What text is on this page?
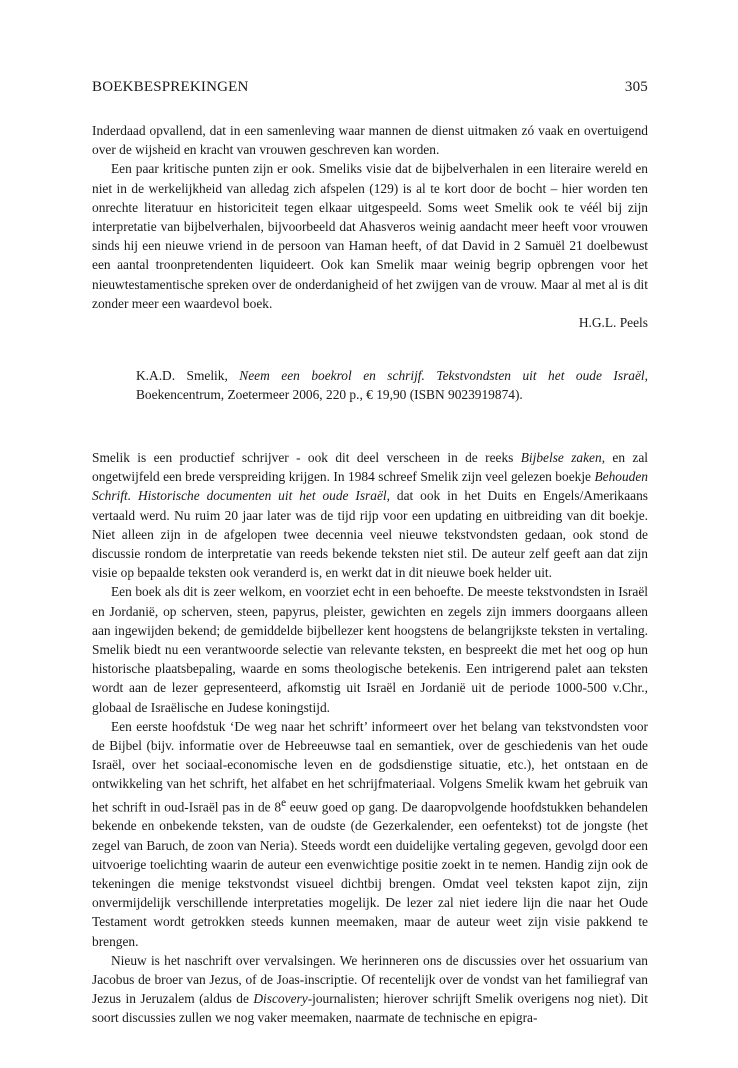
BOEKBESPREKINGEN	305

Inderdaad opvallend, dat in een samenleving waar mannen de dienst uitmaken zó vaak en overtuigend over de wijsheid en kracht van vrouwen geschreven kan worden.

Een paar kritische punten zijn er ook. Smeliks visie dat de bijbelverhalen in een literaire wereld en niet in de werkelijkheid van alledag zich afspelen (129) is al te kort door de bocht – hier worden ten onrechte literatuur en historiciteit tegen elkaar uitgespeeld. Soms weet Smelik ook te véél bij zijn interpretatie van bijbelverhalen, bijvoorbeeld dat Ahasveros weinig aandacht meer heeft voor vrouwen sinds hij een nieuwe vriend in de persoon van Haman heeft, of dat David in 2 Samuël 21 doelbewust een aantal troonpretendenten liquideert. Ook kan Smelik maar weinig begrip opbrengen voor het nieuwtestamentische spreken over de onderdanigheid of het zwijgen van de vrouw. Maar al met al is dit zonder meer een waardevol boek.

H.G.L. Peels

K.A.D. Smelik, Neem een boekrol en schrijf. Tekstvondsten uit het oude Israël, Boekencentrum, Zoetermeer 2006, 220 p., € 19,90 (ISBN 9023919874).

Smelik is een productief schrijver - ook dit deel verscheen in de reeks Bijbelse zaken, en zal ongetwijfeld een brede verspreiding krijgen. In 1984 schreef Smelik zijn veel gelezen boekje Behouden Schrift. Historische documenten uit het oude Israël, dat ook in het Duits en Engels/Amerikaans vertaald werd. Nu ruim 20 jaar later was de tijd rijp voor een updating en uitbreiding van dit boekje. Niet alleen zijn in de afgelopen twee decennia veel nieuwe tekstvondsten gedaan, ook stond de discussie rondom de interpretatie van reeds bekende teksten niet stil. De auteur zelf geeft aan dat zijn visie op bepaalde teksten ook veranderd is, en werkt dat in dit nieuwe boek helder uit.

Een boek als dit is zeer welkom, en voorziet echt in een behoefte. De meeste tekstvondsten in Israël en Jordanië, op scherven, steen, papyrus, pleister, gewichten en zegels zijn immers doorgaans alleen aan ingewijden bekend; de gemiddelde bijbellezer kent hoogstens de belangrijkste teksten in vertaling. Smelik biedt nu een verantwoorde selectie van relevante teksten, en bespreekt die met het oog op hun historische plaatsbepaling, waarde en soms theologische betekenis. Een intrigerend palet aan teksten wordt aan de lezer gepresenteerd, afkomstig uit Israël en Jordanië uit de periode 1000-500 v.Chr., globaal de Israëlische en Judese koningstijd.

Een eerste hoofdstuk ‘De weg naar het schrift’ informeert over het belang van tekstvondsten voor de Bijbel (bijv. informatie over de Hebreeuwse taal en semantiek, over de geschiedenis van het oude Israël, over het sociaal-economische leven en de godsdienstige situatie, etc.), het ontstaan en de ontwikkeling van het schrift, het alfabet en het schrijfmateriaal. Volgens Smelik kwam het gebruik van het schrift in oud-Israël pas in de 8e eeuw goed op gang. De daaropvolgende hoofdstukken behandelen bekende en onbekende teksten, van de oudste (de Gezerkalender, een oefentekst) tot de jongste (het zegel van Baruch, de zoon van Neria). Steeds wordt een duidelijke vertaling gegeven, gevolgd door een uitvoerige toelichting waarin de auteur een evenwichtige positie zoekt in te nemen. Handig zijn ook de tekeningen die menige tekstvondst visueel dichtbij brengen. Omdat veel teksten kapot zijn, zijn onvermijdelijk verschillende interpretaties mogelijk. De lezer zal niet iedere lijn die naar het Oude Testament wordt getrokken steeds kunnen meemaken, maar de auteur weet zijn visie pakkend te brengen.

Nieuw is het naschrift over vervalsingen. We herinneren ons de discussies over het ossuarium van Jacobus de broer van Jezus, of de Joas-inscriptie. Of recentelijk over de vondst van het familiegraf van Jezus in Jeruzalem (aldus de Discovery-journalisten; hierover schrijft Smelik overigens nog niet). Dit soort discussies zullen we nog vaker meemaken, naarmate de technische en epigra-
